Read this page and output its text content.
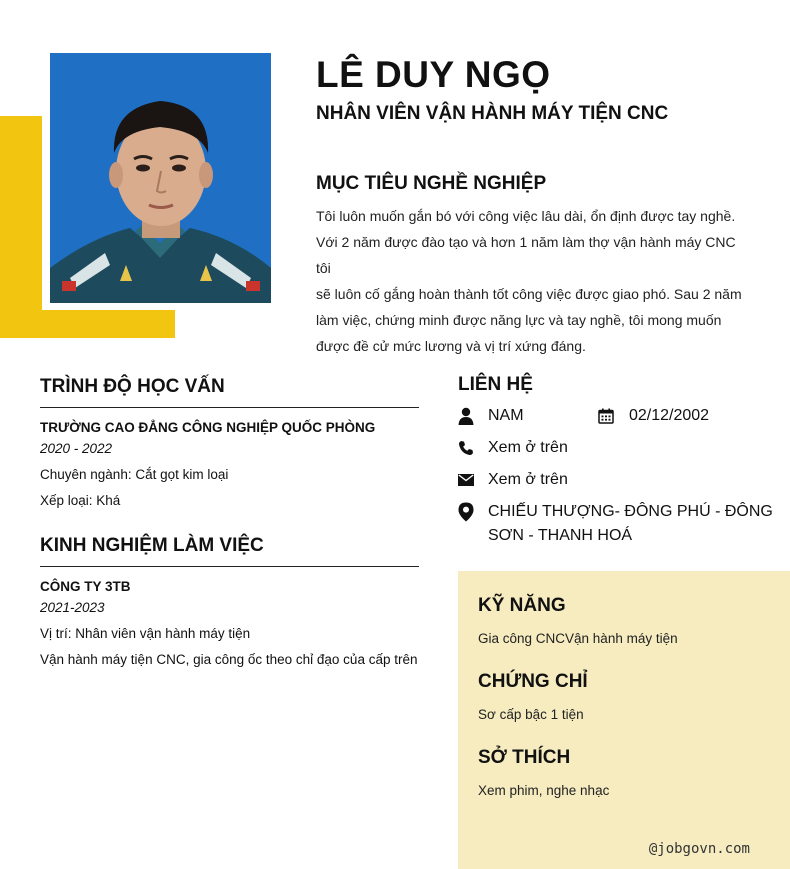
LÊ DUY NGỌ
NHÂN VIÊN VẬN HÀNH MÁY TIỆN CNC
MỤC TIÊU NGHỀ NGHIỆP
Tôi luôn muốn gắn bó với công việc lâu dài, ổn định được tay nghề.
Với 2 năm được đào tạo và hơn 1 năm làm thợ vận hành máy CNC tôi
sẽ luôn cố gắng hoàn thành tốt công việc được giao phó. Sau 2 năm
làm việc, chứng minh được năng lực và tay nghề, tôi mong muốn
được đề cử mức lương và vị trí xứng đáng.
TRÌNH ĐỘ HỌC VẤN
TRƯỜNG CAO ĐẲNG CÔNG NGHIỆP QUỐC PHÒNG
2020 - 2022
Chuyên ngành: Cắt gọt kim loại
Xếp loại: Khá
KINH NGHIỆM LÀM VIỆC
CÔNG TY 3TB
2021-2023
Vị trí: Nhân viên vận hành máy tiện
Vận hành máy tiện CNC, gia công ốc theo chỉ đạo của cấp trên
LIÊN HỆ
NAM	02/12/2002
Xem ở trên
Xem ở trên
CHIẾU THƯỢNG- ĐÔNG PHÚ - ĐÔNG
SƠN - THANH HOÁ
KỸ NĂNG
Gia công CNCVận hành máy tiện
CHỨNG CHỈ
Sơ cấp bậc 1 tiện
SỞ THÍCH
Xem phim, nghe nhạc
@jobgovn.com
